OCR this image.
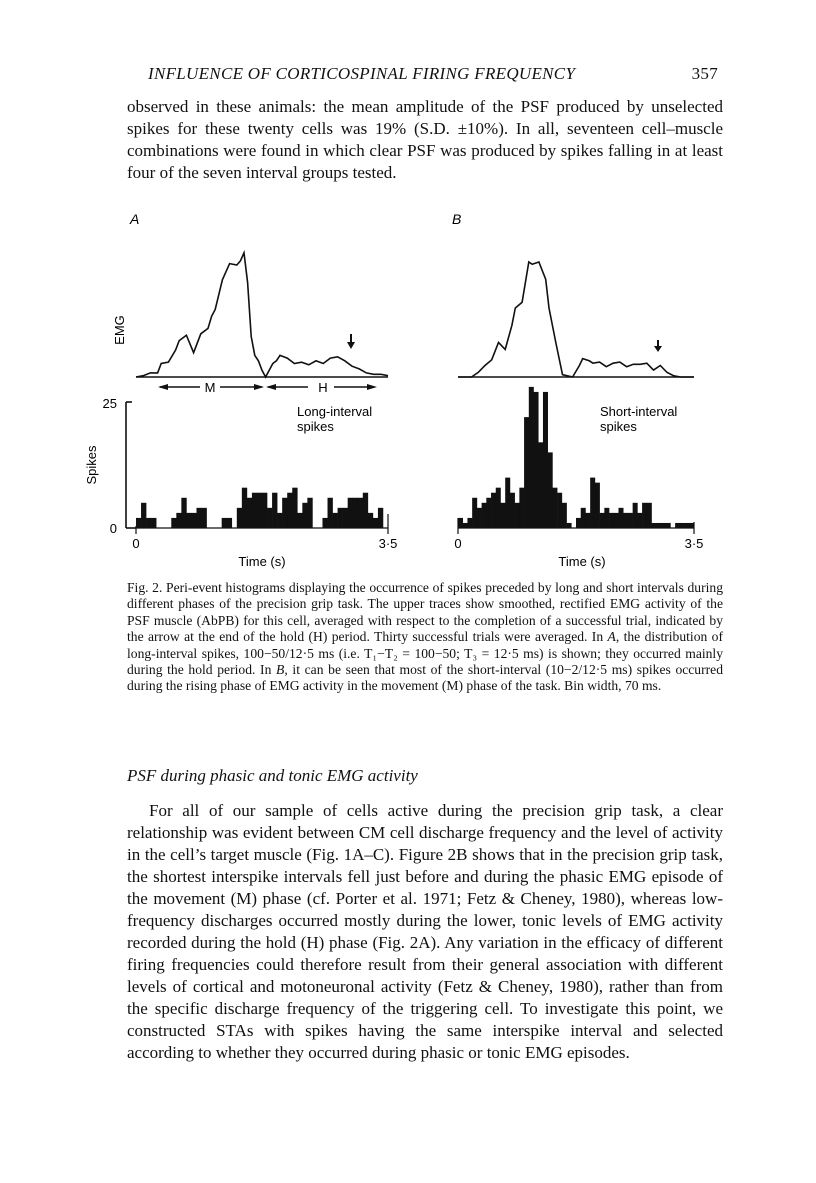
INFLUENCE OF CORTICOSPINAL FIRING FREQUENCY	357

observed in these animals: the mean amplitude of the PSF produced by unselected spikes for these twenty cells was 19% (S.D. ±10%). In all, seventeen cell–muscle combinations were found in which clear PSF was produced by spikes falling in at least four of the seven interval groups tested.

A	B
EMG
M	H
25
0
Spikes
0	3·5
Time (s)
Long-interval
spikes
0	3·5
Time (s)
Short-interval
spikes
Fig. 2. Peri-event histograms displaying the occurrence of spikes preceded by long and short intervals during different phases of the precision grip task. The upper traces show smoothed, rectified EMG activity of the PSF muscle (AbPB) for this cell, averaged with respect to the completion of a successful trial, indicated by the arrow at the end of the hold (H) period. Thirty successful trials were averaged. In A, the distribution of long-interval spikes, 100−50/12·5 ms (i.e. T₁−T₂ = 100−50; T₃ = 12·5 ms) is shown; they occurred mainly during the hold period. In B, it can be seen that most of the short-interval (10−2/12·5 ms) spikes occurred during the rising phase of EMG activity in the movement (M) phase of the task. Bin width, 70 ms.
PSF during phasic and tonic EMG activity

For all of our sample of cells active during the precision grip task, a clear relationship was evident between CM cell discharge frequency and the level of activity in the cell’s target muscle (Fig. 1A–C). Figure 2B shows that in the precision grip task, the shortest interspike intervals fell just before and during the phasic EMG episode of the movement (M) phase (cf. Porter et al. 1971; Fetz & Cheney, 1980), whereas low-frequency discharges occurred mostly during the lower, tonic levels of EMG activity recorded during the hold (H) phase (Fig. 2A). Any variation in the efficacy of different firing frequencies could therefore result from their general association with different levels of cortical and motoneuronal activity (Fetz & Cheney, 1980), rather than from the specific discharge frequency of the triggering cell. To investigate this point, we constructed STAs with spikes having the same interspike interval and selected according to whether they occurred during phasic or tonic EMG episodes.
